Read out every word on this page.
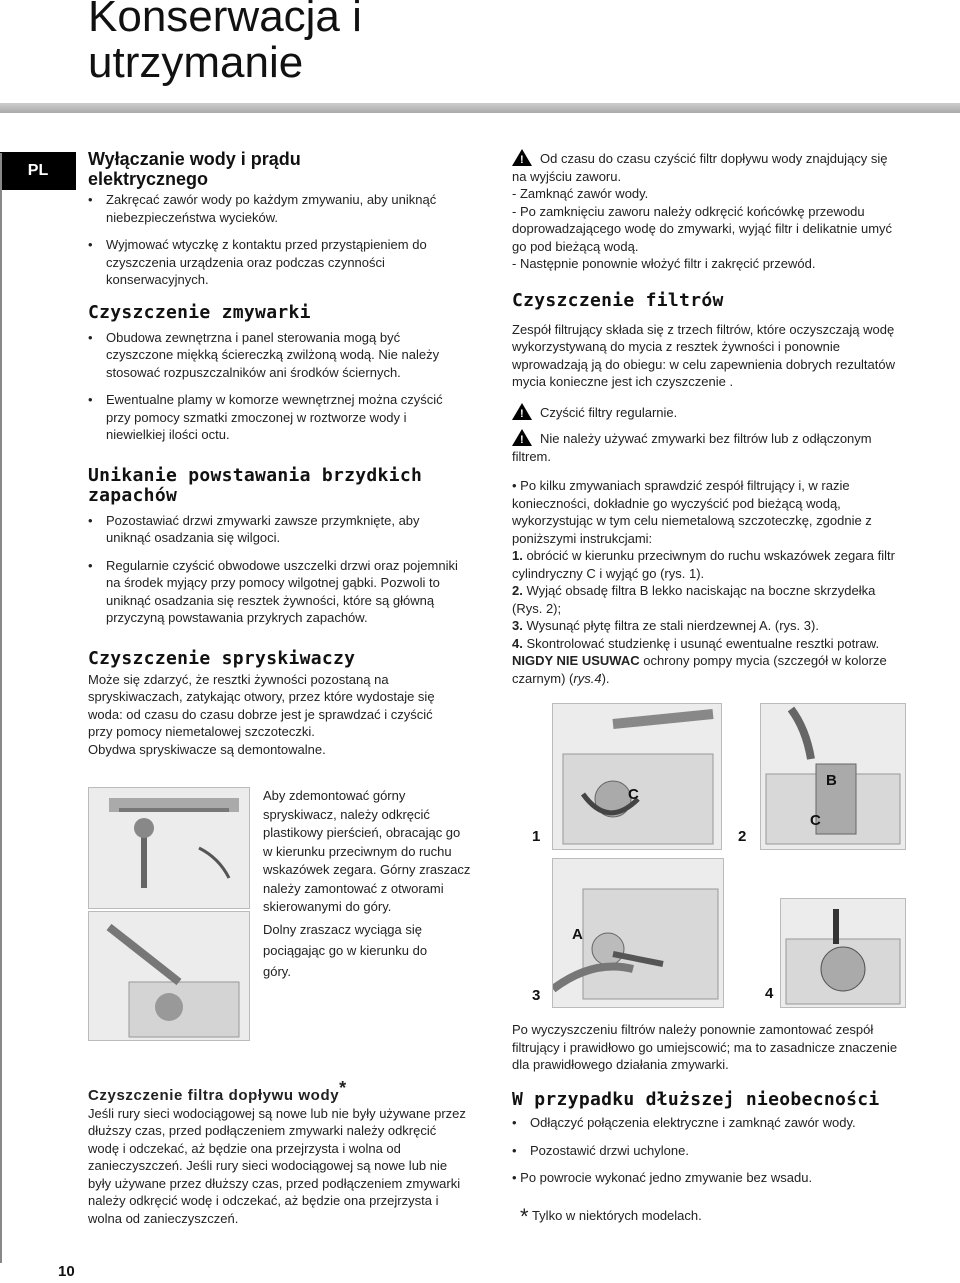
Konserwacja i
utrzymanie
PL
Wyłączanie wody i prądu
elektrycznego

• Zakręcać zawór wody po każdym zmywaniu, aby uniknąć niebezpieczeństwa wycieków.

• Wyjmować wtyczkę z kontaktu przed przystąpieniem do czyszczenia urządzenia oraz podczas czynności konserwacyjnych.

Czyszczenie zmywarki

• Obudowa zewnętrzna i panel sterowania mogą być czyszczone miękką ściereczką zwilżoną wodą. Nie należy stosować rozpuszczalników ani środków ściernych.

• Ewentualne plamy w komorze wewnętrznej można czyścić przy pomocy szmatki zmoczonej w roztworze wody i niewielkiej ilości octu.

Unikanie powstawania brzydkich
zapachów

• Pozostawiać drzwi zmywarki zawsze przymknięte, aby uniknąć osadzania się wilgoci.

• Regularnie czyścić obwodowe uszczelki drzwi oraz pojemniki na środek myjący przy pomocy wilgotnej gąbki. Pozwoli to uniknąć osadzania się resztek żywności, które są główną przyczyną powstawania przykrych zapachów.

Czyszczenie spryskiwaczy

Może się zdarzyć, że resztki żywności pozostaną na spryskiwaczach, zatykając otwory, przez które wydostaje się woda: od czasu do czasu dobrze jest je sprawdzać i czyścić przy pomocy niemetalowej szczoteczki.

Obydwa spryskiwacze są demontowalne.

Aby zdemontować górny spryskiwacz, należy odkręcić plastikowy pierścień, obracając go w kierunku przeciwnym do ruchu wskazówek zegara. Górny zraszacz należy zamontować z otworami skierowanymi do góry.
Dolny zraszacz wyciąga się pociągając go w kierunku do góry.
Czyszczenie filtra dopływu wody*

Jeśli rury sieci wodociągowej są nowe lub nie były używane przez dłuższy czas, przed podłączeniem zmywarki należy odkręcić wodę i odczekać, aż będzie ona przejrzysta i wolna od zanieczyszczeń. Jeśli rury sieci wodociągowej są nowe lub nie były używane przez dłuższy czas, przed podłączeniem zmywarki należy odkręcić wodę i odczekać, aż będzie ona przejrzysta i wolna od zanieczyszczeń.

!Od czasu do czasu czyścić filtr dopływu wody znajdujący się na wyjściu zaworu.

- Zamknąć zawór wody.

- Po zamknięciu zaworu należy odkręcić końcówkę przewodu doprowadzającego wodę do zmywarki, wyjąć filtr i delikatnie umyć go pod bieżącą wodą.

- Następnie ponownie włożyć filtr i zakręcić przewód.

Czyszczenie filtrów

Zespół filtrujący składa się z trzech filtrów, które oczyszczają wodę wykorzystywaną do mycia z resztek żywności i ponownie wprowadzają ją do obiegu: w celu zapewnienia dobrych rezultatów mycia konieczne jest ich czyszczenie .

!Czyścić filtry regularnie.

!Nie należy używać zmywarki bez filtrów lub z odłączonym filtrem.

• Po kilku zmywaniach sprawdzić zespół filtrujący i, w razie konieczności, dokładnie go wyczyścić pod bieżącą wodą, wykorzystując w tym celu niemetalową szczoteczkę, zgodnie z poniższymi instrukcjami:

1. obrócić w kierunku przeciwnym do ruchu wskazówek zegara filtr cylindryczny C i wyjąć go (rys. 1).

2. Wyjąć obsadę filtra B lekko naciskając na boczne skrzydełka (Rys. 2);

3. Wysunąć płytę filtra ze stali nierdzewnej A. (rys. 3).

4. Skontrolować studzienkę i usunąć ewentualne resztki potraw.

NIGDY NIE USUWAC ochrony pompy mycia (szczegół w kolorze czarnym) (rys.4).

C
1
B
C
2
A
3	4
Po wyczyszczeniu filtrów należy ponownie zamontować zespół filtrujący i prawidłowo go umiejscowić; ma to zasadnicze znaczenie dla prawidłowego działania zmywarki.
W przypadku dłuższej nieobecności

• Odłączyć połączenia elektryczne i zamknąć zawór wody.

• Pozostawić drzwi uchylone.

• Po powrocie wykonać jedno zmywanie bez wsadu.

* Tylko w niektórych modelach.

10
